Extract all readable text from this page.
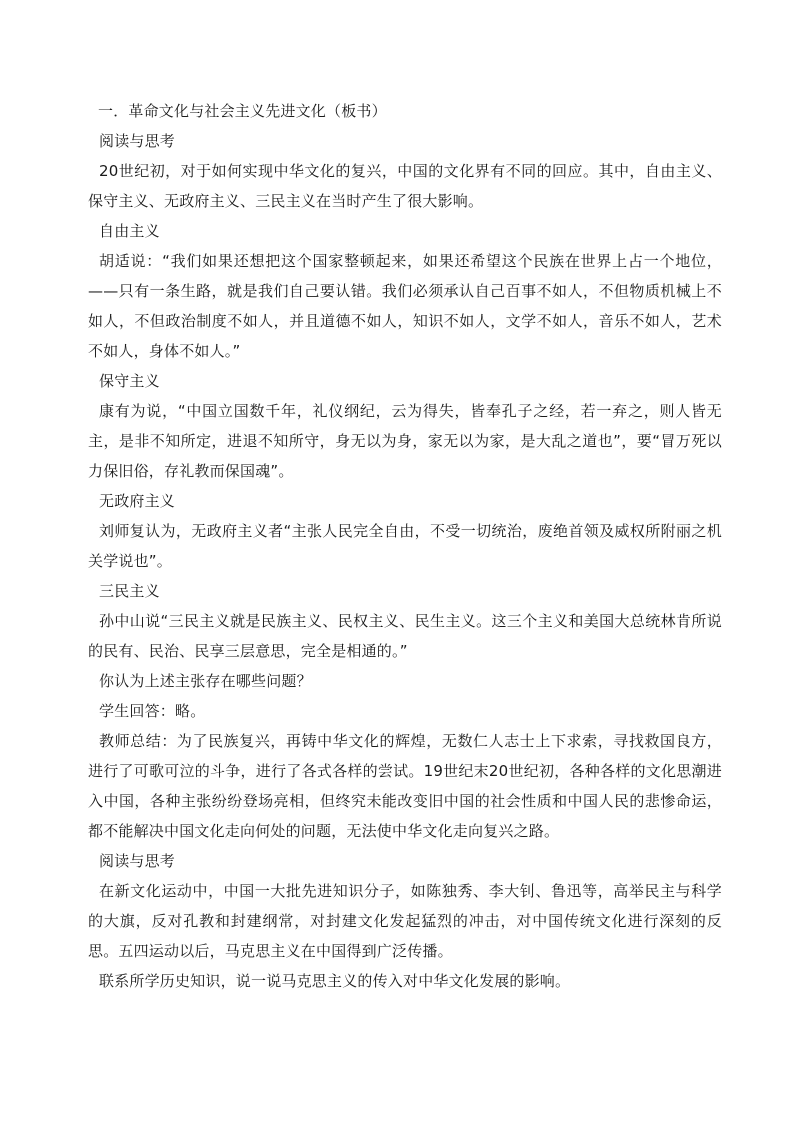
一．革命文化与社会主义先进文化（板书）

阅读与思考

20世纪初，对于如何实现中华文化的复兴，中国的文化界有不同的回应。其中，自由主义、保守主义、无政府主义、三民主义在当时产生了很大影响。

自由主义

胡适说：“我们如果还想把这个国家整顿起来，如果还希望这个民族在世界上占一个地位，——只有一条生路，就是我们自己要认错。我们必须承认自己百事不如人，不但物质机械上不如人，不但政治制度不如人，并且道德不如人，知识不如人，文学不如人，音乐不如人，艺术不如人，身体不如人。”

保守主义

康有为说，“中国立国数千年，礼仪纲纪，云为得失，皆奉孔子之经，若一弃之，则人皆无主，是非不知所定，进退不知所守，身无以为身，家无以为家，是大乱之道也”，要“冒万死以力保旧俗，存礼教而保国魂”。

无政府主义

刘师复认为，无政府主义者“主张人民完全自由，不受一切统治，废绝首领及威权所附丽之机关学说也”。

三民主义

孙中山说“三民主义就是民族主义、民权主义、民生主义。这三个主义和美国大总统林肯所说的民有、民治、民享三层意思，完全是相通的。”

你认为上述主张存在哪些问题？

学生回答：略。

教师总结：为了民族复兴，再铸中华文化的辉煌，无数仁人志士上下求索，寻找救国良方，进行了可歌可泣的斗争，进行了各式各样的尝试。19世纪末20世纪初，各种各样的文化思潮进入中国，各种主张纷纷登场亮相，但终究未能改变旧中国的社会性质和中国人民的悲惨命运，都不能解决中国文化走向何处的问题，无法使中华文化走向复兴之路。

阅读与思考

在新文化运动中，中国一大批先进知识分子，如陈独秀、李大钊、鲁迅等，高举民主与科学的大旗，反对孔教和封建纲常，对封建文化发起猛烈的冲击，对中国传统文化进行深刻的反思。五四运动以后，马克思主义在中国得到广泛传播。

联系所学历史知识，说一说马克思主义的传入对中华文化发展的影响。
